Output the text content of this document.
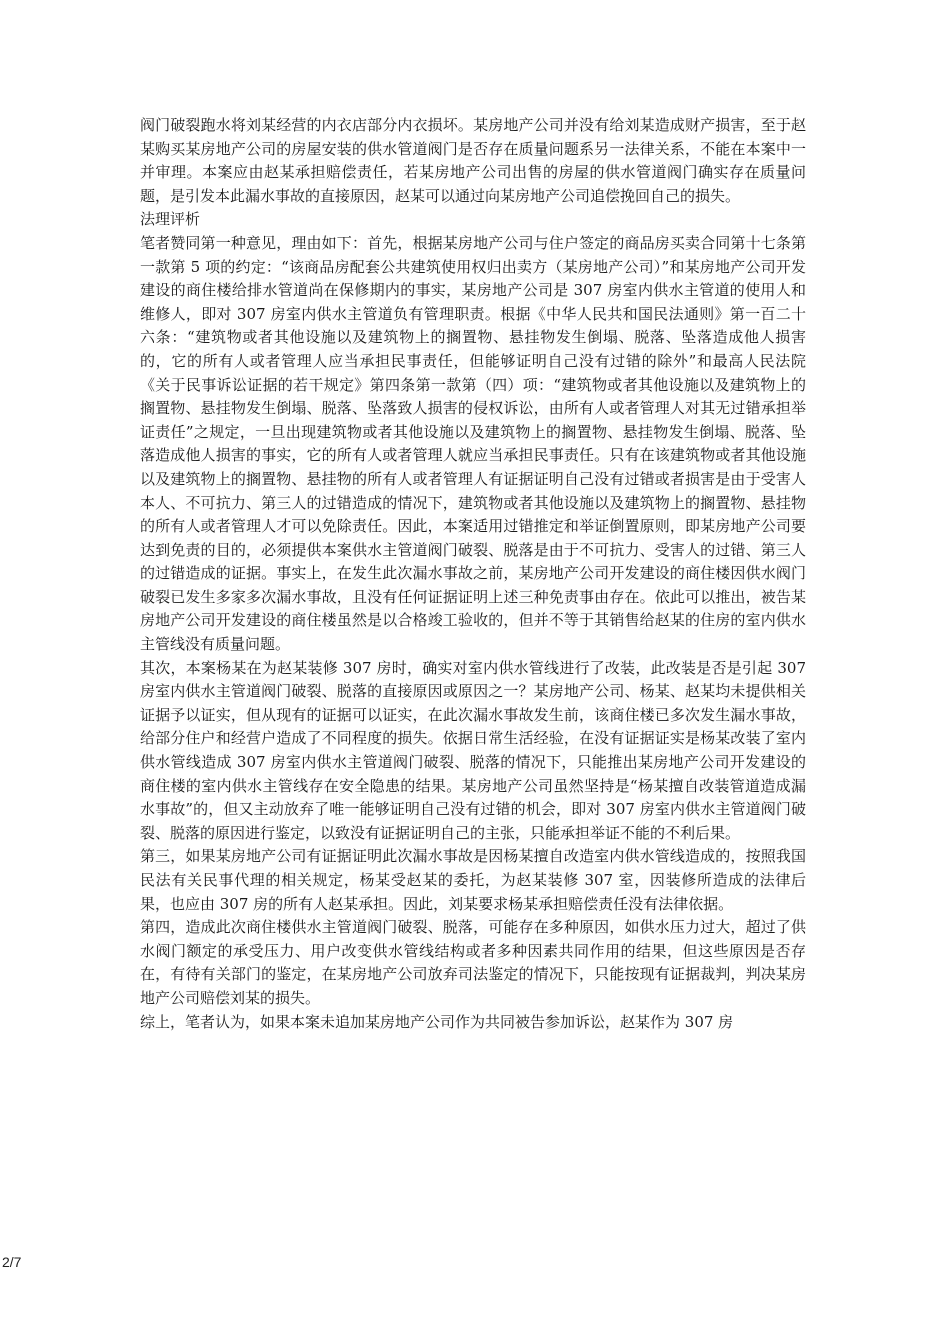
阀门破裂跑水将刘某经营的内衣店部分内衣损坏。某房地产公司并没有给刘某造成财产损害，至于赵某购买某房地产公司的房屋安装的供水管道阀门是否存在质量问题系另一法律关系，不能在本案中一并审理。本案应由赵某承担赔偿责任，若某房地产公司出售的房屋的供水管道阀门确实存在质量问题，是引发本此漏水事故的直接原因，赵某可以通过向某房地产公司追偿挽回自己的损失。

法理评析

笔者赞同第一种意见，理由如下：首先，根据某房地产公司与住户签定的商品房买卖合同第十七条第一款第 5 项的约定：“该商品房配套公共建筑使用权归出卖方（某房地产公司）”和某房地产公司开发建设的商住楼给排水管道尚在保修期内的事实，某房地产公司是 307 房室内供水主管道的使用人和维修人，即对 307 房室内供水主管道负有管理职责。根据《中华人民共和国民法通则》第一百二十六条：“建筑物或者其他设施以及建筑物上的搁置物、悬挂物发生倒塌、脱落、坠落造成他人损害的，它的所有人或者管理人应当承担民事责任，但能够证明自己没有过错的除外”和最高人民法院《关于民事诉讼证据的若干规定》第四条第一款第（四）项：“建筑物或者其他设施以及建筑物上的搁置物、悬挂物发生倒塌、脱落、坠落致人损害的侵权诉讼，由所有人或者管理人对其无过错承担举证责任”之规定，一旦出现建筑物或者其他设施以及建筑物上的搁置物、悬挂物发生倒塌、脱落、坠落造成他人损害的事实，它的所有人或者管理人就应当承担民事责任。只有在该建筑物或者其他设施以及建筑物上的搁置物、悬挂物的所有人或者管理人有证据证明自己没有过错或者损害是由于受害人本人、不可抗力、第三人的过错造成的情况下，建筑物或者其他设施以及建筑物上的搁置物、悬挂物的所有人或者管理人才可以免除责任。因此，本案适用过错推定和举证倒置原则，即某房地产公司要达到免责的目的，必须提供本案供水主管道阀门破裂、脱落是由于不可抗力、受害人的过错、第三人的过错造成的证据。事实上，在发生此次漏水事故之前，某房地产公司开发建设的商住楼因供水阀门破裂已发生多家多次漏水事故，且没有任何证据证明上述三种免责事由存在。依此可以推出，被告某房地产公司开发建设的商住楼虽然是以合格竣工验收的，但并不等于其销售给赵某的住房的室内供水主管线没有质量问题。

其次，本案杨某在为赵某装修 307 房时，确实对室内供水管线进行了改装，此改装是否是引起 307 房室内供水主管道阀门破裂、脱落的直接原因或原因之一？某房地产公司、杨某、赵某均未提供相关证据予以证实，但从现有的证据可以证实，在此次漏水事故发生前，该商住楼已多次发生漏水事故，给部分住户和经营户造成了不同程度的损失。依据日常生活经验，在没有证据证实是杨某改装了室内供水管线造成 307 房室内供水主管道阀门破裂、脱落的情况下，只能推出某房地产公司开发建设的商住楼的室内供水主管线存在安全隐患的结果。某房地产公司虽然坚持是“杨某擅自改装管道造成漏水事故”的，但又主动放弃了唯一能够证明自己没有过错的机会，即对 307 房室内供水主管道阀门破裂、脱落的原因进行鉴定，以致没有证据证明自己的主张，只能承担举证不能的不利后果。

第三，如果某房地产公司有证据证明此次漏水事故是因杨某擅自改造室内供水管线造成的，按照我国民法有关民事代理的相关规定，杨某受赵某的委托，为赵某装修 307 室，因装修所造成的法律后果，也应由 307 房的所有人赵某承担。因此，刘某要求杨某承担赔偿责任没有法律依据。

第四，造成此次商住楼供水主管道阀门破裂、脱落，可能存在多种原因，如供水压力过大，超过了供水阀门额定的承受压力、用户改变供水管线结构或者多种因素共同作用的结果，但这些原因是否存在，有待有关部门的鉴定，在某房地产公司放弃司法鉴定的情况下，只能按现有证据裁判，判决某房地产公司赔偿刘某的损失。

综上，笔者认为，如果本案未追加某房地产公司作为共同被告参加诉讼，赵某作为 307 房

2/7
